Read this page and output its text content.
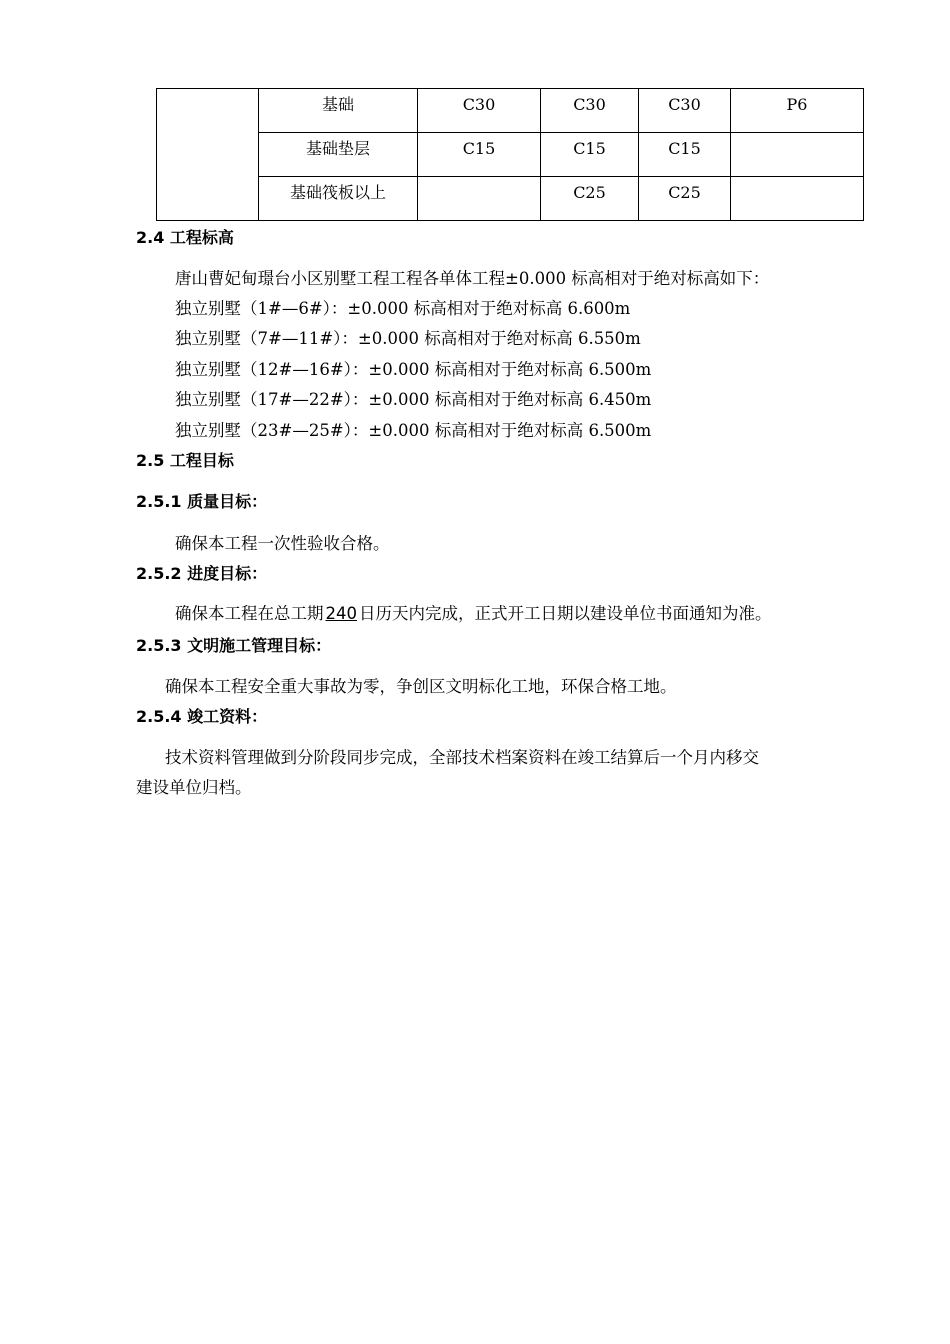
	基础	C30	C30	C30	P6
	基础垫层	C15	C15	C15	
	基础筏板以上		C25	C25	
2.4 工程标高
唐山曹妃甸璟台小区别墅工程工程各单体工程±0.000 标高相对于绝对标高如下：
独立别墅（1#—6#）：±0.000 标高相对于绝对标高 6.600m
独立别墅（7#—11#）：±0.000 标高相对于绝对标高 6.550m
独立别墅（12#—16#）：±0.000 标高相对于绝对标高 6.500m
独立别墅（17#—22#）：±0.000 标高相对于绝对标高 6.450m
独立别墅（23#—25#）：±0.000 标高相对于绝对标高 6.500m
2.5 工程目标
2.5.1 质量目标：
确保本工程一次性验收合格。
2.5.2 进度目标：
确保本工程在总工期 240 日历天内完成，正式开工日期以建设单位书面通知为准。
2.5.3 文明施工管理目标：
确保本工程安全重大事故为零，争创区文明标化工地，环保合格工地。
2.5.4 竣工资料：
技术资料管理做到分阶段同步完成，全部技术档案资料在竣工结算后一个月内移交
建设单位归档。
